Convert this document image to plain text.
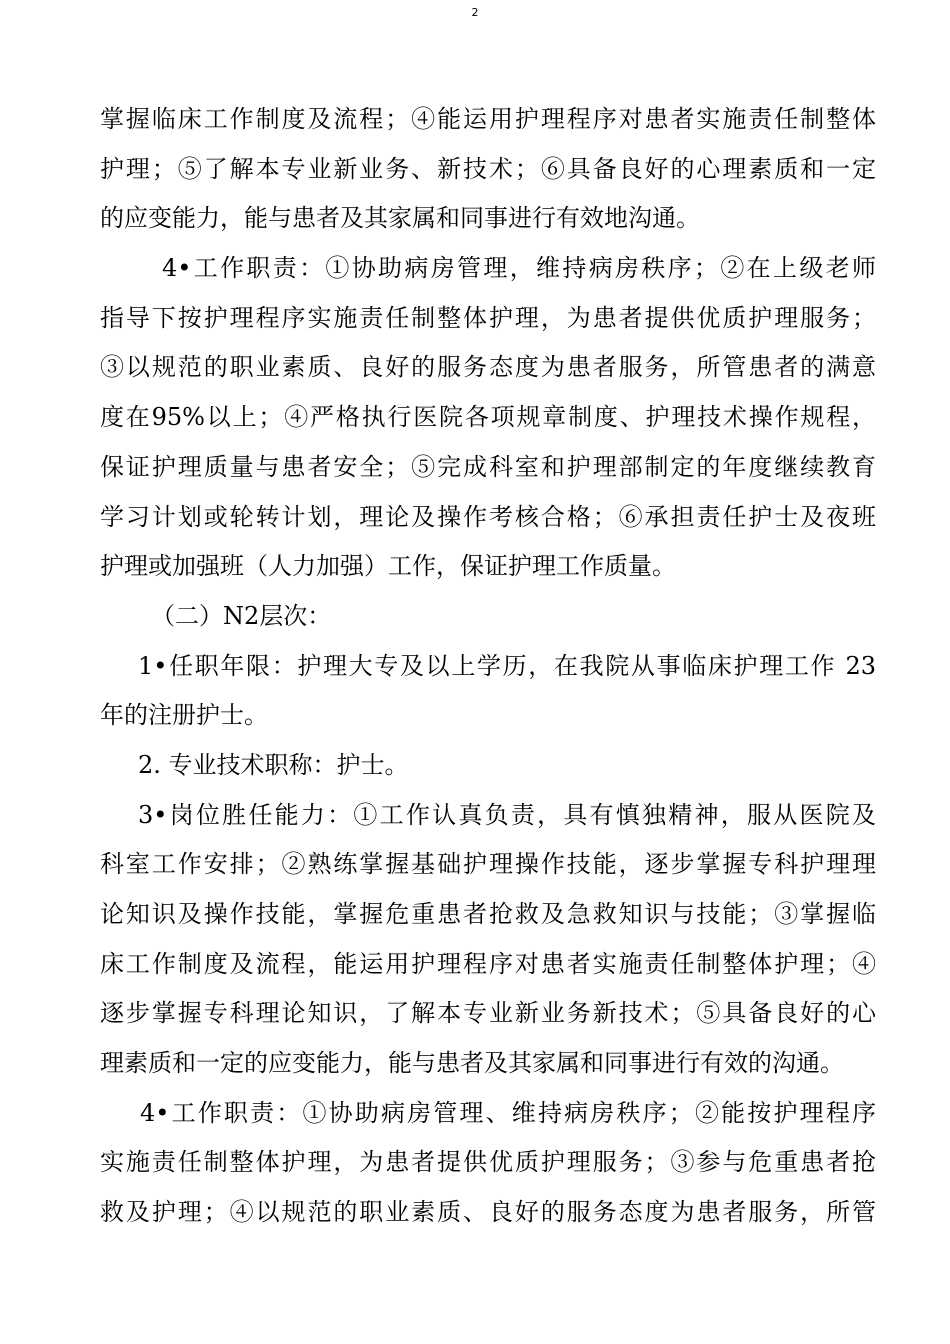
2
掌握临床工作制度及流程；④能运用护理程序对患者实施责任制整体
护理；⑤了解本专业新业务、新技术；⑥具备良好的心理素质和一定
的应变能力，能与患者及其家属和同事进行有效地沟通。
4•工作职责：①协助病房管理，维持病房秩序；②在上级老师
指导下按护理程序实施责任制整体护理，为患者提供优质护理服务；
③以规范的职业素质、良好的服务态度为患者服务，所管患者的满意
度在95%以上；④严格执行医院各项规章制度、护理技术操作规程，
保证护理质量与患者安全；⑤完成科室和护理部制定的年度继续教育
学习计划或轮转计划，理论及操作考核合格；⑥承担责任护士及夜班
护理或加强班（人力加强）工作，保证护理工作质量。
（二）N2层次：
1•任职年限：护理大专及以上学历，在我院从事临床护理工作 23
年的注册护士。
2. 专业技术职称：护士。
3•岗位胜任能力：①工作认真负责，具有慎独精神，服从医院及
科室工作安排；②熟练掌握基础护理操作技能，逐步掌握专科护理理
论知识及操作技能，掌握危重患者抢救及急救知识与技能；③掌握临
床工作制度及流程，能运用护理程序对患者实施责任制整体护理；④
逐步掌握专科理论知识，了解本专业新业务新技术；⑤具备良好的心
理素质和一定的应变能力，能与患者及其家属和同事进行有效的沟通。
4•工作职责：①协助病房管理、维持病房秩序；②能按护理程序
实施责任制整体护理，为患者提供优质护理服务；③参与危重患者抢
救及护理；④以规范的职业素质、良好的服务态度为患者服务，所管
